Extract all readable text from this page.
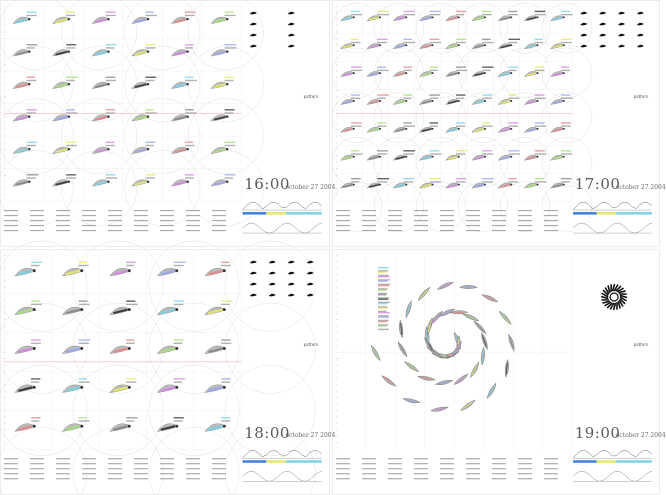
16:00
october 27 2004
pattern
17:00
october 27 2004
pattern
18:00
october 27 2004
pattern
19:00
october 27 2004
pattern
